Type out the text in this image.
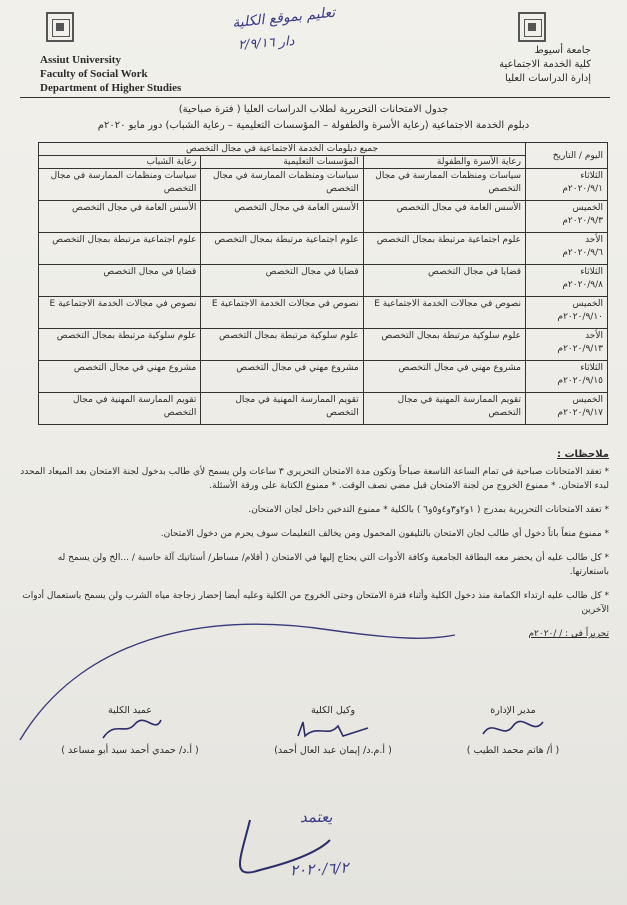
Assiut University
Faculty of Social Work
Department of Higher Studies
جامعة أسيوط
كلية الخدمة الاجتماعية
إدارة الدراسات العليا
تعليم بموقع الكلية
دار ٢/٩/١٦
جدول الامتحانات التحريرية لطلاب الدراسات العليا ( فترة صباحية)
دبلوم الخدمة الاجتماعية (رعاية الأسرة والطفولة – المؤسسات التعليمية – رعاية الشباب) دور مايو ٢٠٢٠م
اليوم / التاريخ	جميع دبلومات الخدمة الاجتماعية في مجال التخصص		
	رعاية الأسرة والطفولة	المؤسسات التعليمية	رعاية الشباب

الثلاثاء
٢٠٢٠/٩/١م	سياسات ومنظمات الممارسة في مجال التخصص	سياسات ومنظمات الممارسة في مجال التخصص	سياسات ومنظمات الممارسة في مجال التخصص

الخميس
٢٠٢٠/٩/٣م	الأسس العامة في مجال التخصص	الأسس العامة في مجال التخصص	الأسس العامة في مجال التخصص

الأحد
٢٠٢٠/٩/٦م	علوم اجتماعية مرتبطة بمجال التخصص	علوم اجتماعية مرتبطة بمجال التخصص	علوم اجتماعية مرتبطة بمجال التخصص

الثلاثاء
٢٠٢٠/٩/٨م	قضايا في مجال التخصص	قضايا في مجال التخصص	قضايا في مجال التخصص

الخميس
٢٠٢٠/٩/١٠م	نصوص في مجالات الخدمة الاجتماعية E	نصوص في مجالات الخدمة الاجتماعية E	نصوص في مجالات الخدمة الاجتماعية E

الأحد
٢٠٢٠/٩/١٣م	علوم سلوكية مرتبطة بمجال التخصص	علوم سلوكية مرتبطة بمجال التخصص	علوم سلوكية مرتبطة بمجال التخصص

الثلاثاء
٢٠٢٠/٩/١٥م	مشروع مهني في مجال التخصص	مشروع مهني في مجال التخصص	مشروع مهني في مجال التخصص

الخميس
٢٠٢٠/٩/١٧م	تقويم الممارسة المهنية في مجال التخصص	تقويم الممارسة المهنية في مجال التخصص	تقويم الممارسة المهنية في مجال التخصص
ملاحظات :

* تعقد الامتحانات صباحية في تمام الساعة التاسعة صباحاً وتكون مدة الامتحان التحريري ٣ ساعات ولن يسمح لأي طالب بدخول لجنة الامتحان بعد الميعاد المحدد لبدء الامتحان. * ممنوع الخروج من لجنة الامتحان قبل مضي نصف الوقت. * ممنوع الكتابة على ورقة الأسئلة.

* تعقد الامتحانات التحريرية بمدرج ( ١و٢و٣و٤و٥و٦ ) بالكلية * ممنوع التدخين داخل لجان الامتحان.

* ممنوع منعاً باتاً دخول أي طالب لجان الامتحان بالتليفون المحمول ومن يخالف التعليمات سوف يحرم من دخول الامتحان.

* كل طالب عليه أن يحضر معه البطاقة الجامعية وكافة الأدوات التي يحتاج إليها في الامتحان ( أقلام/ مساطر/ أستاتيك آلة حاسبة / ...الخ ولن يسمح له باستعارتها.

* كل طالب عليه ارتداء الكمامة منذ دخول الكلية وأثناء فترة الامتحان وحتى الخروج من الكلية وعليه أيضا إحضار زجاجة مياه الشرب ولن يسمح باستعمال أدوات الآخرين

تحريراً في : / /٢٠٢٠م
مدير الإدارة
( أ/ هاتم محمد الطيب )
وكيل الكلية
( أ.م.د/ إيمان عبد العال أحمد)
عميد الكلية
( أ.د/ حمدي أحمد سيد أبو مساعد )
يعتمد
٢٠٢٠/٦/٢
